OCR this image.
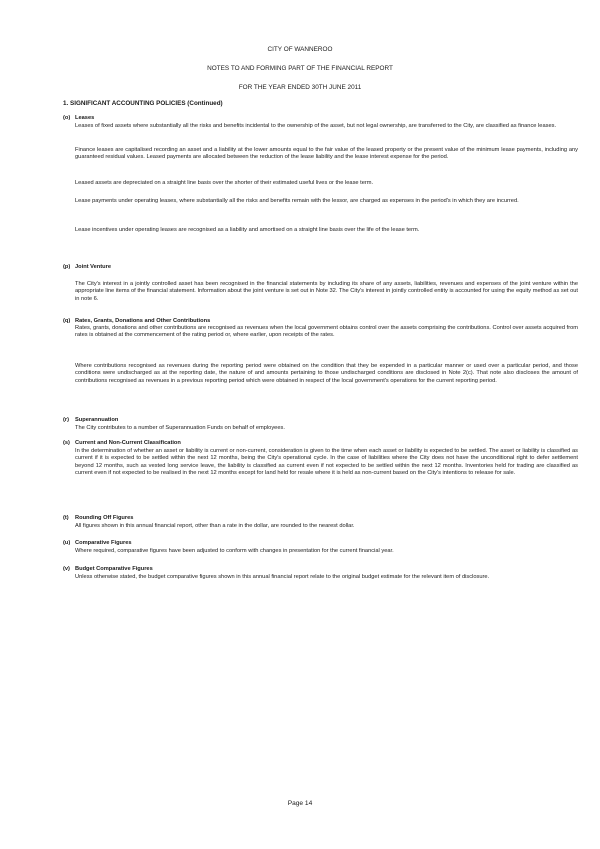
CITY OF WANNEROO
NOTES TO AND FORMING PART OF THE FINANCIAL REPORT
FOR THE YEAR ENDED 30TH JUNE 2011
1. SIGNIFICANT ACCOUNTING POLICIES (Continued)
(o) Leases

Leases of fixed assets where substantially all the risks and benefits incidental to the ownership of the asset, but not legal ownership, are transferred to the City, are classified as finance leases.

Finance leases are capitalised recording an asset and a liability at the lower amounts equal to the fair value of the leased property or the present value of the minimum lease payments, including any guaranteed residual values. Leased payments are allocated between the reduction of the lease liability and the lease interest expense for the period.

Leased assets are depreciated on a straight line basis over the shorter of their estimated useful lives or the lease term.

Lease payments under operating leases, where substantially all the risks and benefits remain with the lessor, are charged as expenses in the period's in which they are incurred.

Lease incentives under operating leases are recognised as a liability and amortised on a straight line basis over the life of the lease term.

(p) Joint Venture

The City's interest in a jointly controlled asset has been recognised in the financial statements by including its share of any assets, liabilities, revenues and expenses of the joint venture within the appropriate line items of the financial statement. Information about the joint venture is set out in Note 32. The City's interest in jointly controlled entity is accounted for using the equity method as set out in note 6.

(q) Rates, Grants, Donations and Other Contributions

Rates, grants, donations and other contributions are recognised as revenues when the local government obtains control over the assets comprising the contributions. Control over assets acquired from rates is obtained at the commencement of the rating period or, where earlier, upon receipts of the rates.

Where contributions recognised as revenues during the reporting period were obtained on the condition that they be expended in a particular manner or used over a particular period, and those conditions were undischarged as at the reporting date, the nature of and amounts pertaining to those undischarged conditions are disclosed in Note 2(c). That note also discloses the amount of contributions recognised as revenues in a previous reporting period which were obtained in respect of the local government's operations for the current reporting period.

(r) Superannuation

The City contributes to a number of Superannuation Funds on behalf of employees.

(s) Current and Non-Current Classification

In the determination of whether an asset or liability is current or non-current, consideration is given to the time when each asset or liability is expected to be settled. The asset or liability is classified as current if it is expected to be settled within the next 12 months, being the City's operational cycle. In the case of liabilities where the City does not have the unconditional right to defer settlement beyond 12 months, such as vested long service leave, the liability is classified as current even if not expected to be settled within the next 12 months. Inventories held for trading are classified as current even if not expected to be realised in the next 12 months except for land held for resale where it is held as non-current based on the City's intentions to release for sale.

(t) Rounding Off Figures

All figures shown in this annual financial report, other than a rate in the dollar, are rounded to the nearest dollar.

(u) Comparative Figures

Where required, comparative figures have been adjusted to conform with changes in presentation for the current financial year.

(v) Budget Comparative Figures

Unless otherwise stated, the budget comparative figures shown in this annual financial report relate to the original budget estimate for the relevant item of disclosure.

Page 14
